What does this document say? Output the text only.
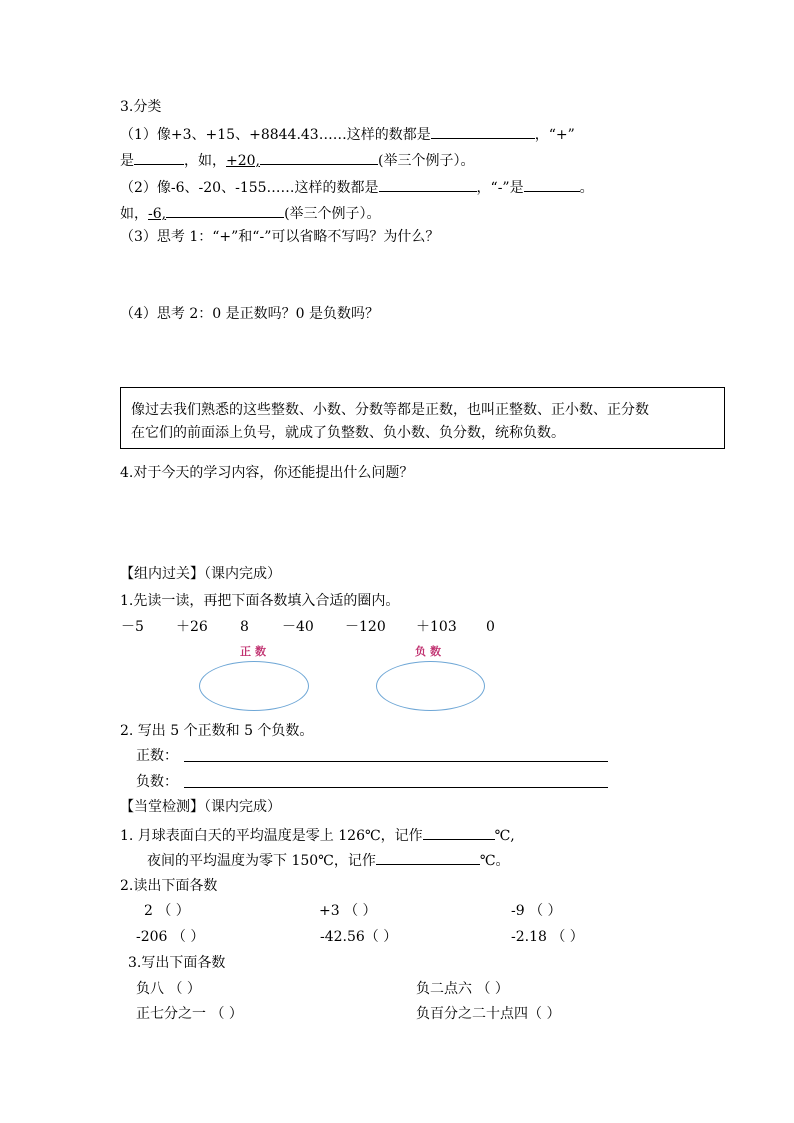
3.分类
（1）像+3、+15、+8844.43……这样的数都是	，“+”
是	，如，+20,	(举三个例子）。
（2）像-6、-20、-155……这样的数都是	，“-”是	。
如，-6,	(举三个例子）。
（3）思考 1：“+”和“-”可以省略不写吗？为什么？
（4）思考 2：0 是正数吗？0 是负数吗？
像过去我们熟悉的这些整数、小数、分数等都是正数，也叫正整数、正小数、正分数
在它们的前面添上负号，就成了负整数、负小数、负分数，统称负数。
4.对于今天的学习内容，你还能提出什么问题？
【组内过关】（课内完成）
1.先读一读，再把下面各数填入合适的圈内。
－5 ＋26 8 －40 －120 ＋103 0
正数	负数
2. 写出 5 个正数和 5 个负数。
正数：
负数：
【当堂检测】（课内完成）
1. 月球表面白天的平均温度是零上 126℃，记作	℃,
夜间的平均温度为零下 150℃，记作	℃。
2.读出下面各数
2 （ ）	+3 （ ）	-9 （ ）
-206 （ ）	-42.56（ ）	-2.18 （ ）
3.写出下面各数
负八 （ ）	负二点六 （ ）
正七分之一 （ ）	负百分之二十点四（ ）
